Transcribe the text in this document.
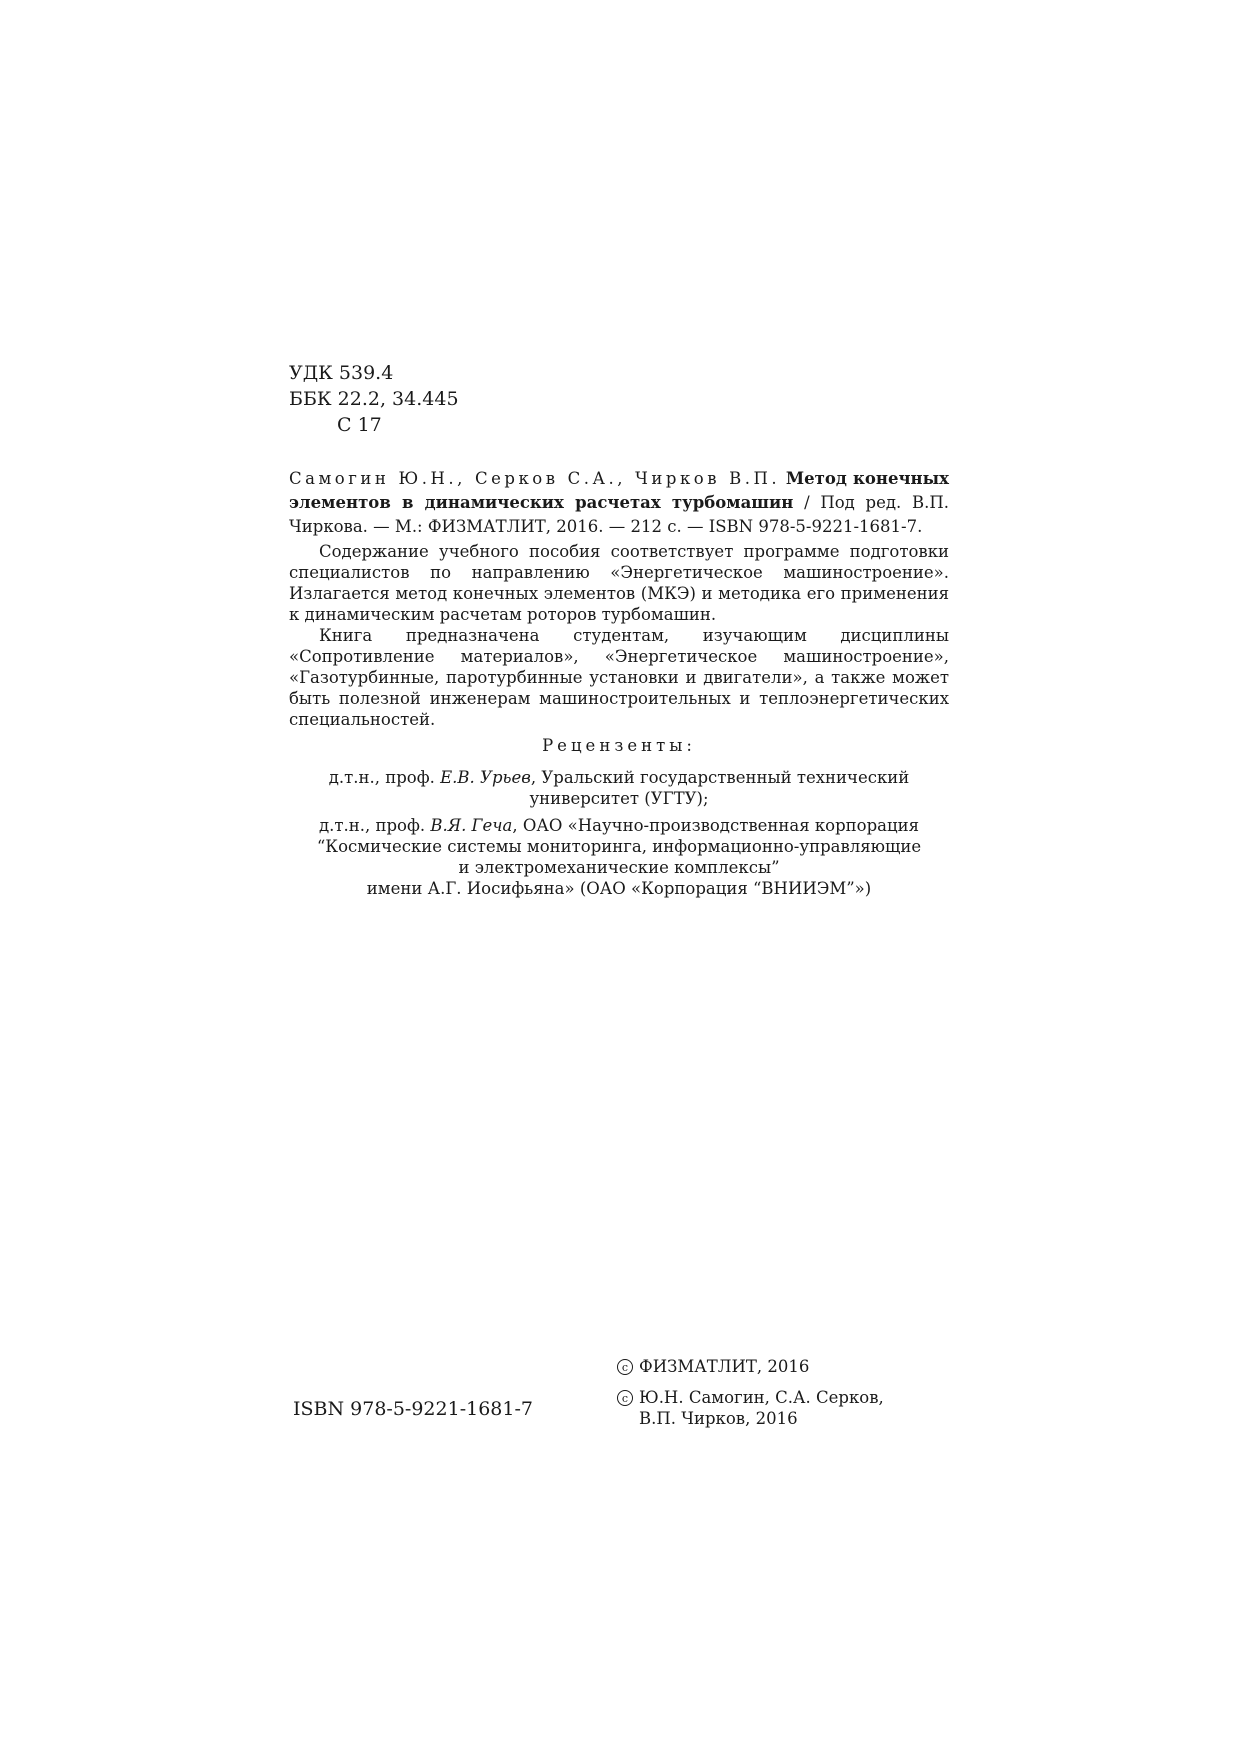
УДК 539.4
ББК 22.2, 34.445
С 17

Самогин Ю.Н., Серков С.А., Чирков В.П. Метод конечных элементов в динамических расчетах турбомашин / Под ред. В.П. Чиркова. — М.: ФИЗМАТЛИТ, 2016. — 212 с. — ISBN 978-5-9221-1681-7.

Содержание учебного пособия соответствует программе подготовки специалистов по направлению «Энергетическое машиностроение». Излагается метод конечных элементов (МКЭ) и методика его применения к динамическим расчетам роторов турбомашин.

Книга предназначена студентам, изучающим дисциплины «Сопротивление материалов», «Энергетическое машиностроение», «Газотурбинные, паротурбинные установки и двигатели», а также может быть полезной инженерам машиностроительных и теплоэнергетических специальностей.

Рецензенты:
д.т.н., проф. Е.В. Урьев, Уральский государственный технический
университет (УГТУ);
д.т.н., проф. В.Я. Геча, ОАО «Научно-производственная корпорация
“Космические системы мониторинга, информационно-управляющие
и электромеханические комплексы”
имени А.Г. Иосифьяна» (ОАО «Корпорация “ВНИИЭМ”»)
ISBN 978-5-9221-1681-7
c ФИЗМАТЛИТ, 2016
c Ю.Н. Самогин, С.А. Серков,
В.П. Чирков, 2016
